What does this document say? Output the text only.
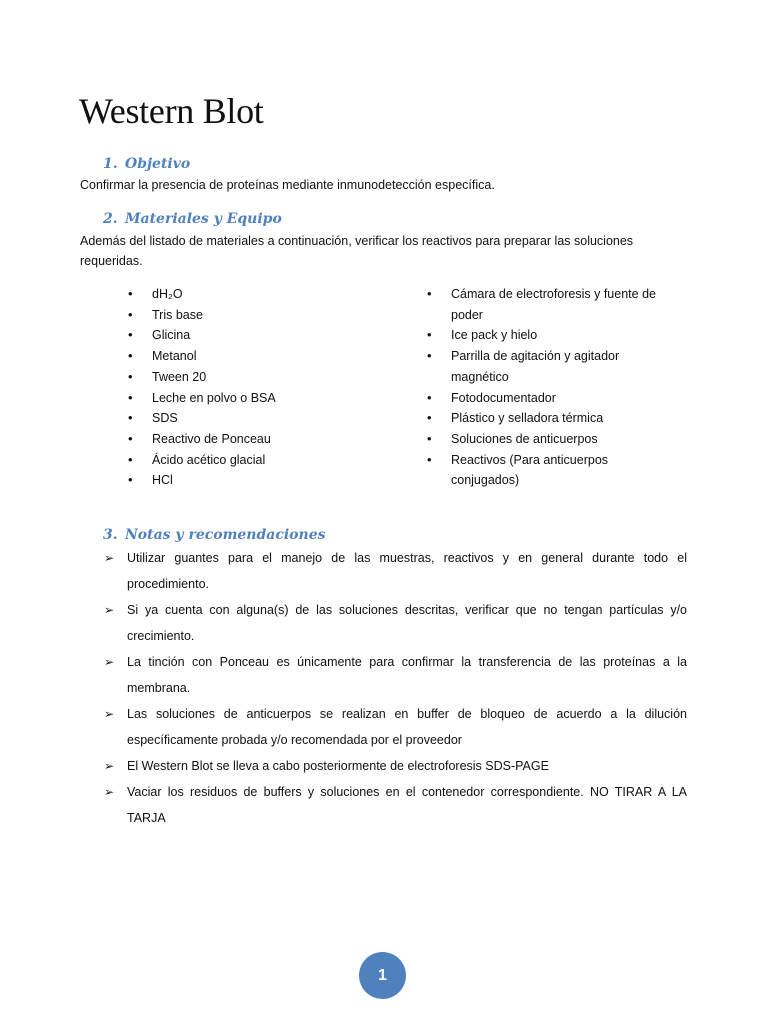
Western Blot
1. Objetivo

Confirmar la presencia de proteínas mediante inmunodetección específica.

2. Materiales y Equipo

Además del listado de materiales a continuación, verificar los reactivos para preparar las soluciones requeridas.

• dH₂O
• Tris base
• Glicina
• Metanol
• Tween 20
• Leche en polvo o BSA
• SDS
• Reactivo de Ponceau
• Ácido acético glacial
• HCl
• Cámara de electroforesis y fuente de poder
• Ice pack y hielo
• Parrilla de agitación y agitador magnético
• Fotodocumentador
• Plástico y selladora térmica
• Soluciones de anticuerpos
• Reactivos (Para anticuerpos conjugados)
3. Notas y recomendaciones
➢ Utilizar guantes para el manejo de las muestras, reactivos y en general durante todo el procedimiento.
➢ Si ya cuenta con alguna(s) de las soluciones descritas, verificar que no tengan partículas y/o crecimiento.
➢ La tinción con Ponceau es únicamente para confirmar la transferencia de las proteínas a la membrana.
➢ Las soluciones de anticuerpos se realizan en buffer de bloqueo de acuerdo a la dilución específicamente probada y/o recomendada por el proveedor
➢ El Western Blot se lleva a cabo posteriormente de electroforesis SDS-PAGE
➢ Vaciar los residuos de buffers y soluciones en el contenedor correspondiente. NO TIRAR A LA TARJA
1
